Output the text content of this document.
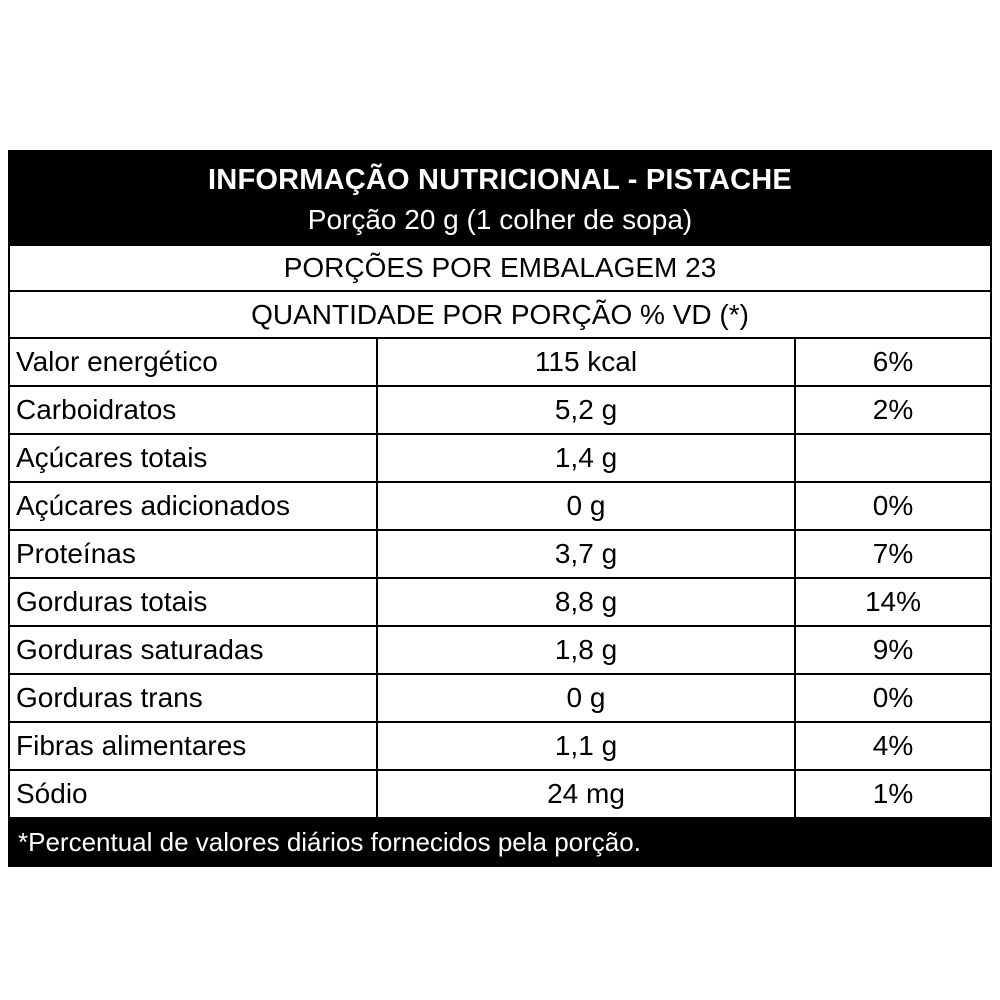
INFORMAÇÃO NUTRICIONAL - PISTACHE
Porção 20 g (1 colher de sopa)
PORÇÕES POR EMBALAGEM 23
QUANTIDADE POR PORÇÃO % VD (*)
Valor energético	115 kcal	6%
Carboidratos	5,2 g	2%
Açúcares totais	1,4 g
Açúcares adicionados	0 g	0%
Proteínas	3,7 g	7%
Gorduras totais	8,8 g	14%
Gorduras saturadas	1,8 g	9%
Gorduras trans	0 g	0%
Fibras alimentares	1,1 g	4%
Sódio	24 mg	1%
*Percentual de valores diários fornecidos pela porção.
